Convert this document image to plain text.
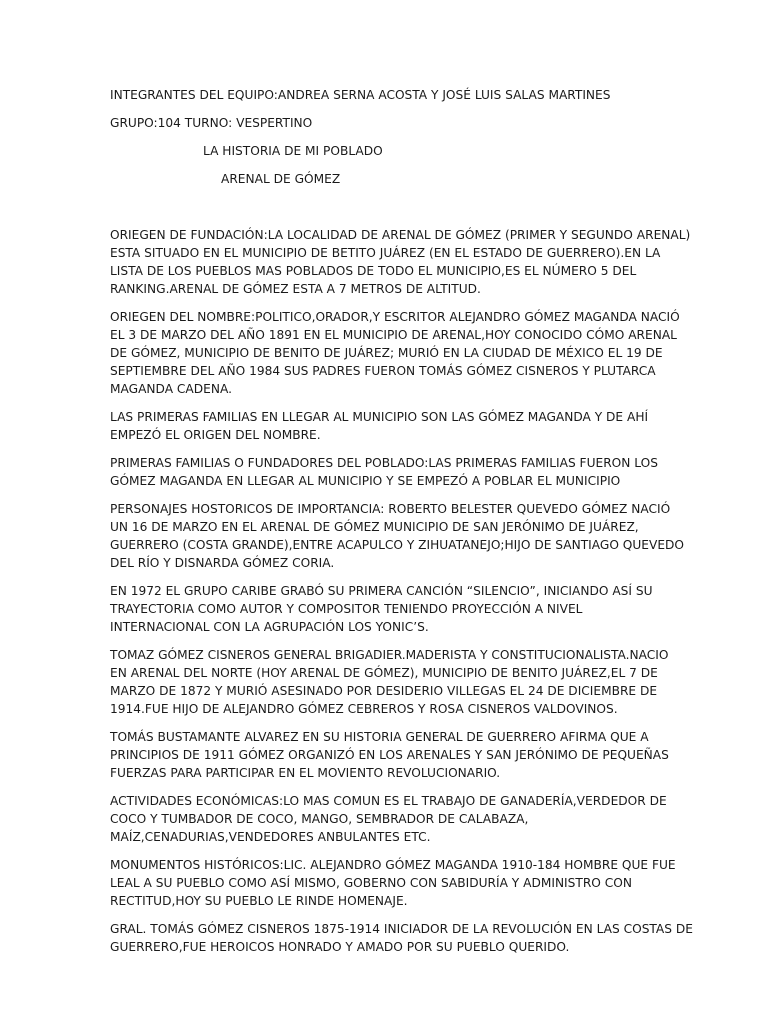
INTEGRANTES DEL EQUIPO:ANDREA SERNA ACOSTA Y JOSÉ LUIS SALAS MARTINES
GRUPO:104 TURNO: VESPERTINO
LA HISTORIA DE MI POBLADO
ARENAL DE GÓMEZ
ORIEGEN DE FUNDACIÓN:LA LOCALIDAD DE ARENAL DE GÓMEZ (PRIMER Y SEGUNDO ARENAL)
ESTA SITUADO EN EL MUNICIPIO DE BETITO JUÁREZ (EN EL ESTADO DE GUERRERO).EN LA
LISTA DE LOS PUEBLOS MAS POBLADOS DE TODO EL MUNICIPIO,ES EL NÚMERO 5 DEL
RANKING.ARENAL DE GÓMEZ ESTA A 7 METROS DE ALTITUD.
ORIEGEN DEL NOMBRE:POLITICO,ORADOR,Y ESCRITOR ALEJANDRO GÓMEZ MAGANDA NACIÓ
EL 3 DE MARZO DEL AÑO 1891 EN EL MUNICIPIO DE ARENAL,HOY CONOCIDO CÓMO ARENAL
DE GÓMEZ, MUNICIPIO DE BENITO DE JUÁREZ; MURIÓ EN LA CIUDAD DE MÉXICO EL 19 DE
SEPTIEMBRE DEL AÑO 1984 SUS PADRES FUERON TOMÁS GÓMEZ CISNEROS Y PLUTARCA
MAGANDA CADENA.
LAS PRIMERAS FAMILIAS EN LLEGAR AL MUNICIPIO SON LAS GÓMEZ MAGANDA Y DE AHÍ
EMPEZÓ EL ORIGEN DEL NOMBRE.
PRIMERAS FAMILIAS O FUNDADORES DEL POBLADO:LAS PRIMERAS FAMILIAS FUERON LOS
GÓMEZ MAGANDA EN LLEGAR AL MUNICIPIO Y SE EMPEZÓ A POBLAR EL MUNICIPIO
PERSONAJES HOSTORICOS DE IMPORTANCIA: ROBERTO BELESTER QUEVEDO GÓMEZ NACIÓ
UN 16 DE MARZO EN EL ARENAL DE GÓMEZ MUNICIPIO DE SAN JERÓNIMO DE JUÁREZ,
GUERRERO (COSTA GRANDE),ENTRE ACAPULCO Y ZIHUATANEJO;HIJO DE SANTIAGO QUEVEDO
DEL RÍO Y DISNARDA GÓMEZ CORIA.
EN 1972 EL GRUPO CARIBE GRABÓ SU PRIMERA CANCIÓN “SILENCIO”, INICIANDO ASÍ SU
TRAYECTORIA COMO AUTOR Y COMPOSITOR TENIENDO PROYECCIÓN A NIVEL
INTERNACIONAL CON LA AGRUPACIÓN LOS YONIC’S.
TOMAZ GÓMEZ CISNEROS GENERAL BRIGADIER.MADERISTA Y CONSTITUCIONALISTA.NACIO
EN ARENAL DEL NORTE (HOY ARENAL DE GÓMEZ), MUNICIPIO DE BENITO JUÁREZ,EL 7 DE
MARZO DE 1872 Y MURIÓ ASESINADO POR DESIDERIO VILLEGAS EL 24 DE DICIEMBRE DE
1914.FUE HIJO DE ALEJANDRO GÓMEZ CEBREROS Y ROSA CISNEROS VALDOVINOS.
TOMÁS BUSTAMANTE ALVAREZ EN SU HISTORIA GENERAL DE GUERRERO AFIRMA QUE A
PRINCIPIOS DE 1911 GÓMEZ ORGANIZÓ EN LOS ARENALES Y SAN JERÓNIMO DE PEQUEÑAS
FUERZAS PARA PARTICIPAR EN EL MOVIENTO REVOLUCIONARIO.
ACTIVIDADES ECONÓMICAS:LO MAS COMUN ES EL TRABAJO DE GANADERÍA,VERDEDOR DE
COCO Y TUMBADOR DE COCO, MANGO, SEMBRADOR DE CALABAZA,
MAÍZ,CENADURIAS,VENDEDORES ANBULANTES ETC.
MONUMENTOS HISTÓRICOS:LIC. ALEJANDRO GÓMEZ MAGANDA 1910-184 HOMBRE QUE FUE
LEAL A SU PUEBLO COMO ASÍ MISMO, GOBERNO CON SABIDURÍA Y ADMINISTRO CON
RECTITUD,HOY SU PUEBLO LE RINDE HOMENAJE.
GRAL. TOMÁS GÓMEZ CISNEROS 1875-1914 INICIADOR DE LA REVOLUCIÓN EN LAS COSTAS DE
GUERRERO,FUE HEROICOS HONRADO Y AMADO POR SU PUEBLO QUERIDO.
